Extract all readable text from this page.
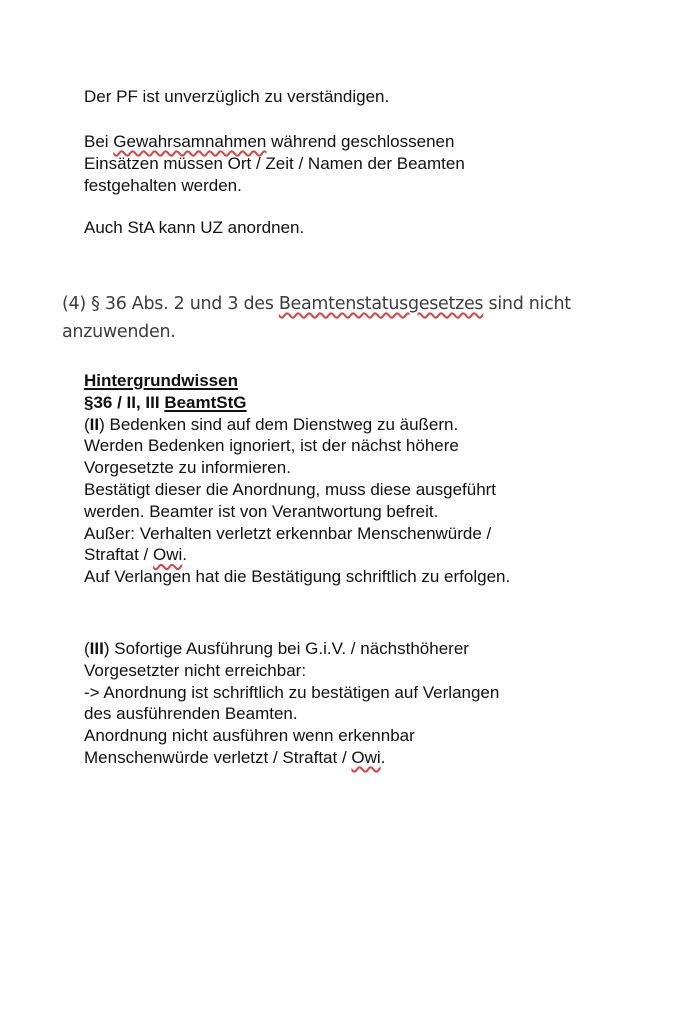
Der PF ist unverzüglich zu verständigen.
Bei Gewahrsamnahmen während geschlossenen
Einsätzen müssen Ort / Zeit / Namen der Beamten
festgehalten werden.
Auch StA kann UZ anordnen.
(4) § 36 Abs. 2 und 3 des Beamtenstatusgesetzes sind nicht
anzuwenden.
Hintergrundwissen
§36 / II, III BeamtStG
(II) Bedenken sind auf dem Dienstweg zu äußern.
Werden Bedenken ignoriert, ist der nächst höhere
Vorgesetzte zu informieren.
Bestätigt dieser die Anordnung, muss diese ausgeführt
werden. Beamter ist von Verantwortung befreit.
Außer: Verhalten verletzt erkennbar Menschenwürde /
Straftat / Owi.
Auf Verlangen hat die Bestätigung schriftlich zu erfolgen.
(III) Sofortige Ausführung bei G.i.V. / nächsthöherer
Vorgesetzter nicht erreichbar:
-> Anordnung ist schriftlich zu bestätigen auf Verlangen
des ausführenden Beamten.
Anordnung nicht ausführen wenn erkennbar
Menschenwürde verletzt / Straftat / Owi.
